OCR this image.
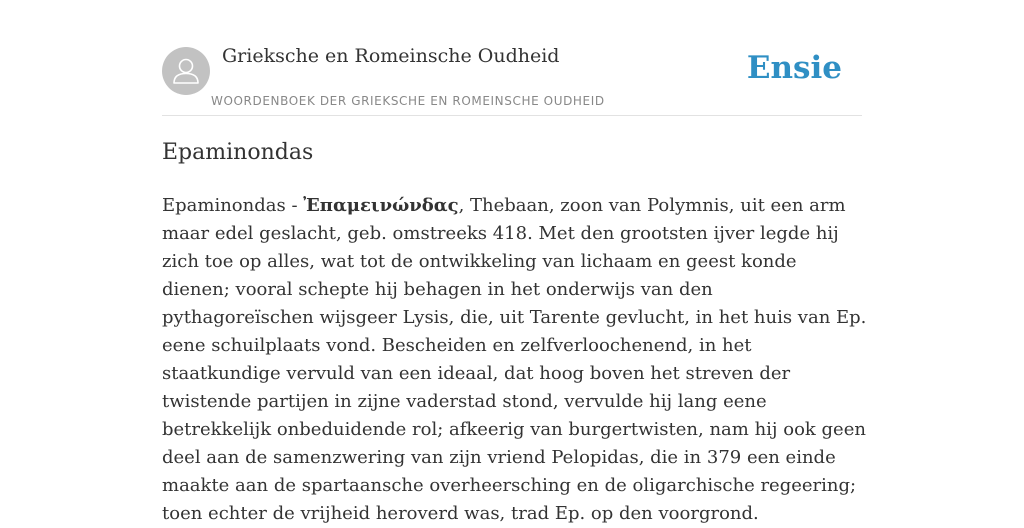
Grieksche en Romeinsche Oudheid
WOORDENBOEK DER GRIEKSCHE EN ROMEINSCHE OUDHEID
Ensie
Epaminondas

Epaminondas - Ἐπαμεινώνδας, Thebaan, zoon van Polymnis, uit een arm maar edel geslacht, geb. omstreeks 418. Met den grootsten ijver legde hij zich toe op alles, wat tot de ontwikkeling van lichaam en geest konde dienen; vooral schepte hij behagen in het onderwijs van den pythagoreïschen wijsgeer Lysis, die, uit Tarente gevlucht, in het huis van Ep. eene schuilplaats vond. Bescheiden en zelfverloochenend, in het staatkundige vervuld van een ideaal, dat hoog boven het streven der twistende partijen in zijne vaderstad stond, vervulde hij lang eene betrekkelijk onbeduidende rol; afkeerig van burgertwisten, nam hij ook geen deel aan de samenzwering van zijn vriend Pelopidas, die in 379 een einde maakte aan de spartaansche overheersching en de oligarchische regeering; toen echter de vrijheid heroverd was, trad Ep. op den voorgrond.
